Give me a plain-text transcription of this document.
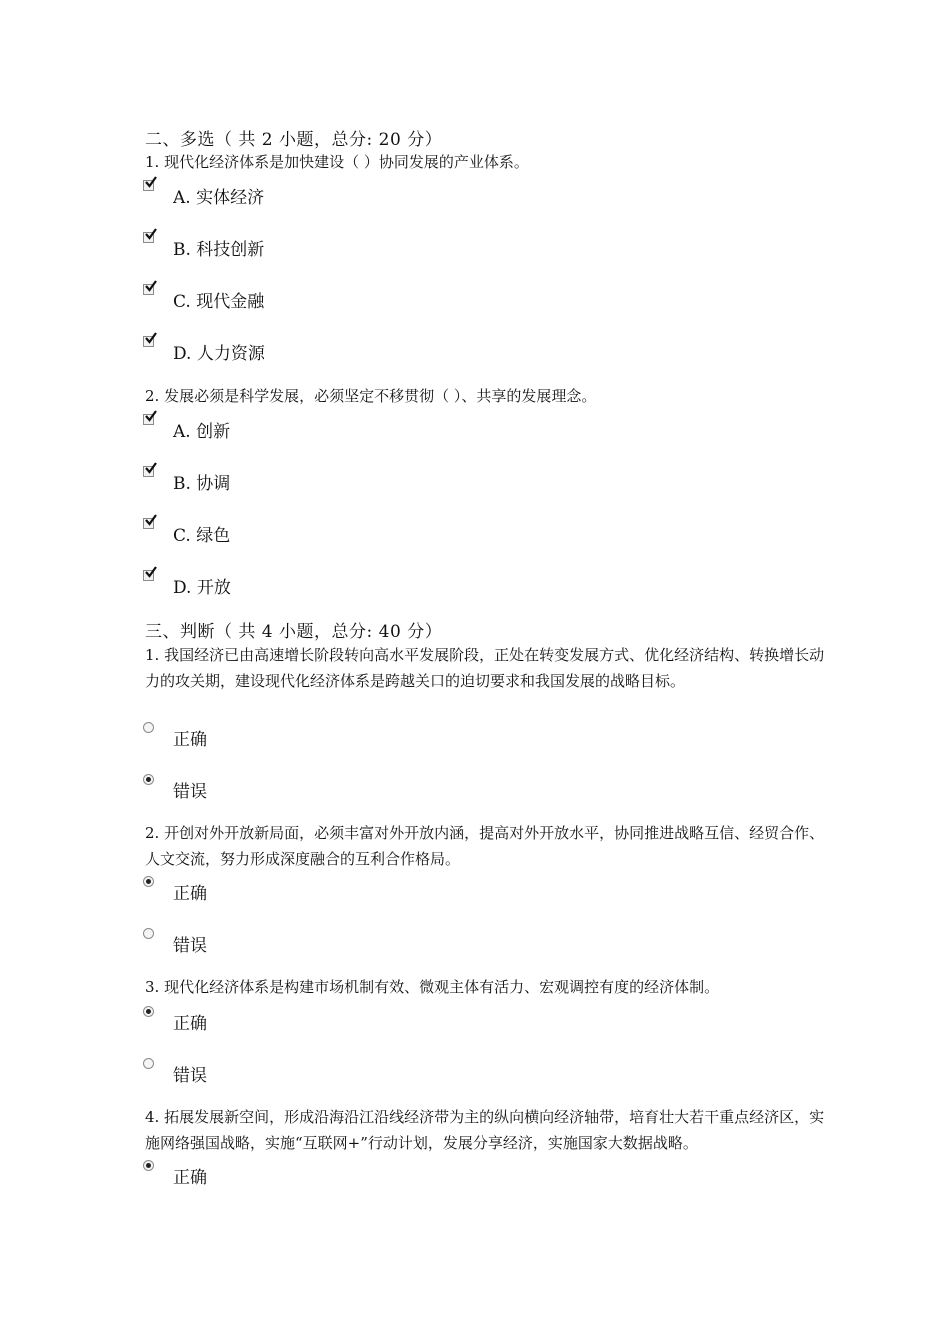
二、多选（ 共 2 小题，总分: 20 分）
1. 现代化经济体系是加快建设（ ）协同发展的产业体系。
A. 实体经济
B. 科技创新
C. 现代金融
D. 人力资源
2. 发展必须是科学发展，必须坚定不移贯彻（ ）、共享的发展理念。
A. 创新
B. 协调
C. 绿色
D. 开放
三、判断（ 共 4 小题，总分: 40 分）
1. 我国经济已由高速增长阶段转向高水平发展阶段，正处在转变发展方式、优化经济结构、转换增长动力的攻关期，建设现代化经济体系是跨越关口的迫切要求和我国发展的战略目标。
正确
错误
2. 开创对外开放新局面，必须丰富对外开放内涵，提高对外开放水平，协同推进战略互信、经贸合作、人文交流，努力形成深度融合的互利合作格局。
正确
错误
3. 现代化经济体系是构建市场机制有效、微观主体有活力、宏观调控有度的经济体制。
正确
错误
4. 拓展发展新空间，形成沿海沿江沿线经济带为主的纵向横向经济轴带，培育壮大若干重点经济区，实施网络强国战略，实施“互联网+”行动计划，发展分享经济，实施国家大数据战略。
正确
